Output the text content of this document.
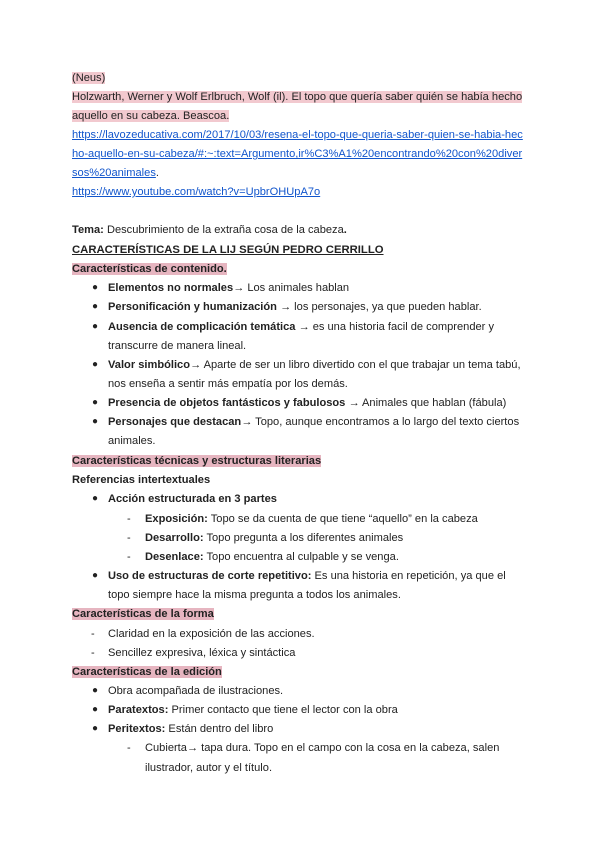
(Neus)
Holzwarth, Werner y Wolf Erlbruch, Wolf (il). El topo que quería saber quién se había hecho
aquello en su cabeza. Beascoa.
https://lavozeducativa.com/2017/10/03/resena-el-topo-que-queria-saber-quien-se-habia-hec
ho-aquello-en-su-cabeza/#:~:text=Argumento,ir%C3%A1%20encontrando%20con%20diver
sos%20animales.
https://www.youtube.com/watch?v=UpbrOHUpA7o
Tema: Descubrimiento de la extraña cosa de la cabeza.
CARACTERÍSTICAS DE LA LIJ SEGÚN PEDRO CERRILLO
Características de contenido.
● Elementos no normales→ Los animales hablan
● Personificación y humanización → los personajes, ya que pueden hablar.
● Ausencia de complicación temática → es una historia facil de comprender y
transcurre de manera lineal.
● Valor simbólico→ Aparte de ser un libro divertido con el que trabajar un tema tabú,
nos enseña a sentir más empatía por los demás.
● Presencia de objetos fantásticos y fabulosos → Animales que hablan (fábula)
● Personajes que destacan→ Topo, aunque encontramos a lo largo del texto ciertos
animales.
Características técnicas y estructuras literarias
Referencias intertextuales
● Acción estructurada en 3 partes
- Exposición: Topo se da cuenta de que tiene “aquello” en la cabeza
- Desarrollo: Topo pregunta a los diferentes animales
- Desenlace: Topo encuentra al culpable y se venga.
● Uso de estructuras de corte repetitivo: Es una historia en repetición, ya que el
topo siempre hace la misma pregunta a todos los animales.
Características de la forma
- Claridad en la exposición de las acciones.
- Sencillez expresiva, léxica y sintáctica
Características de la edición
● Obra acompañada de ilustraciones.
● Paratextos: Primer contacto que tiene el lector con la obra
● Peritextos: Están dentro del libro
- Cubierta→ tapa dura. Topo en el campo con la cosa en la cabeza, salen
ilustrador, autor y el título.
